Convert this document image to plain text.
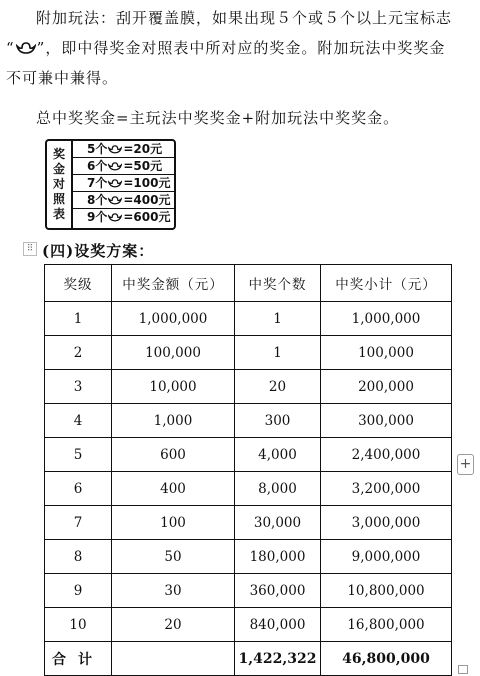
附加玩法：刮开覆盖膜，如果出现５个或５个以上元宝标志
“ ”，即中得奖金对照表中所对应的奖金。附加玩法中奖奖金
不可兼中兼得。
总中奖奖金=主玩法中奖奖金+附加玩法中奖奖金。
奖金对照表
5个 =20元
6个 =50元
7个 =100元
8个 =400元
9个 =600元
⠿ (四)设奖方案：
奖级	中奖金额（元）	中奖个数	中奖小计（元）
1	1,000,000	1	1,000,000
2	100,000	1	100,000
3	10,000	20	200,000
4	1,000	300	300,000
5	600	4,000	2,400,000
6	400	8,000	3,200,000
7	100	30,000	3,000,000
8	50	180,000	9,000,000
9	30	360,000	10,800,000
10	20	840,000	16,800,000
合计		1,422,322	46,800,000
+
